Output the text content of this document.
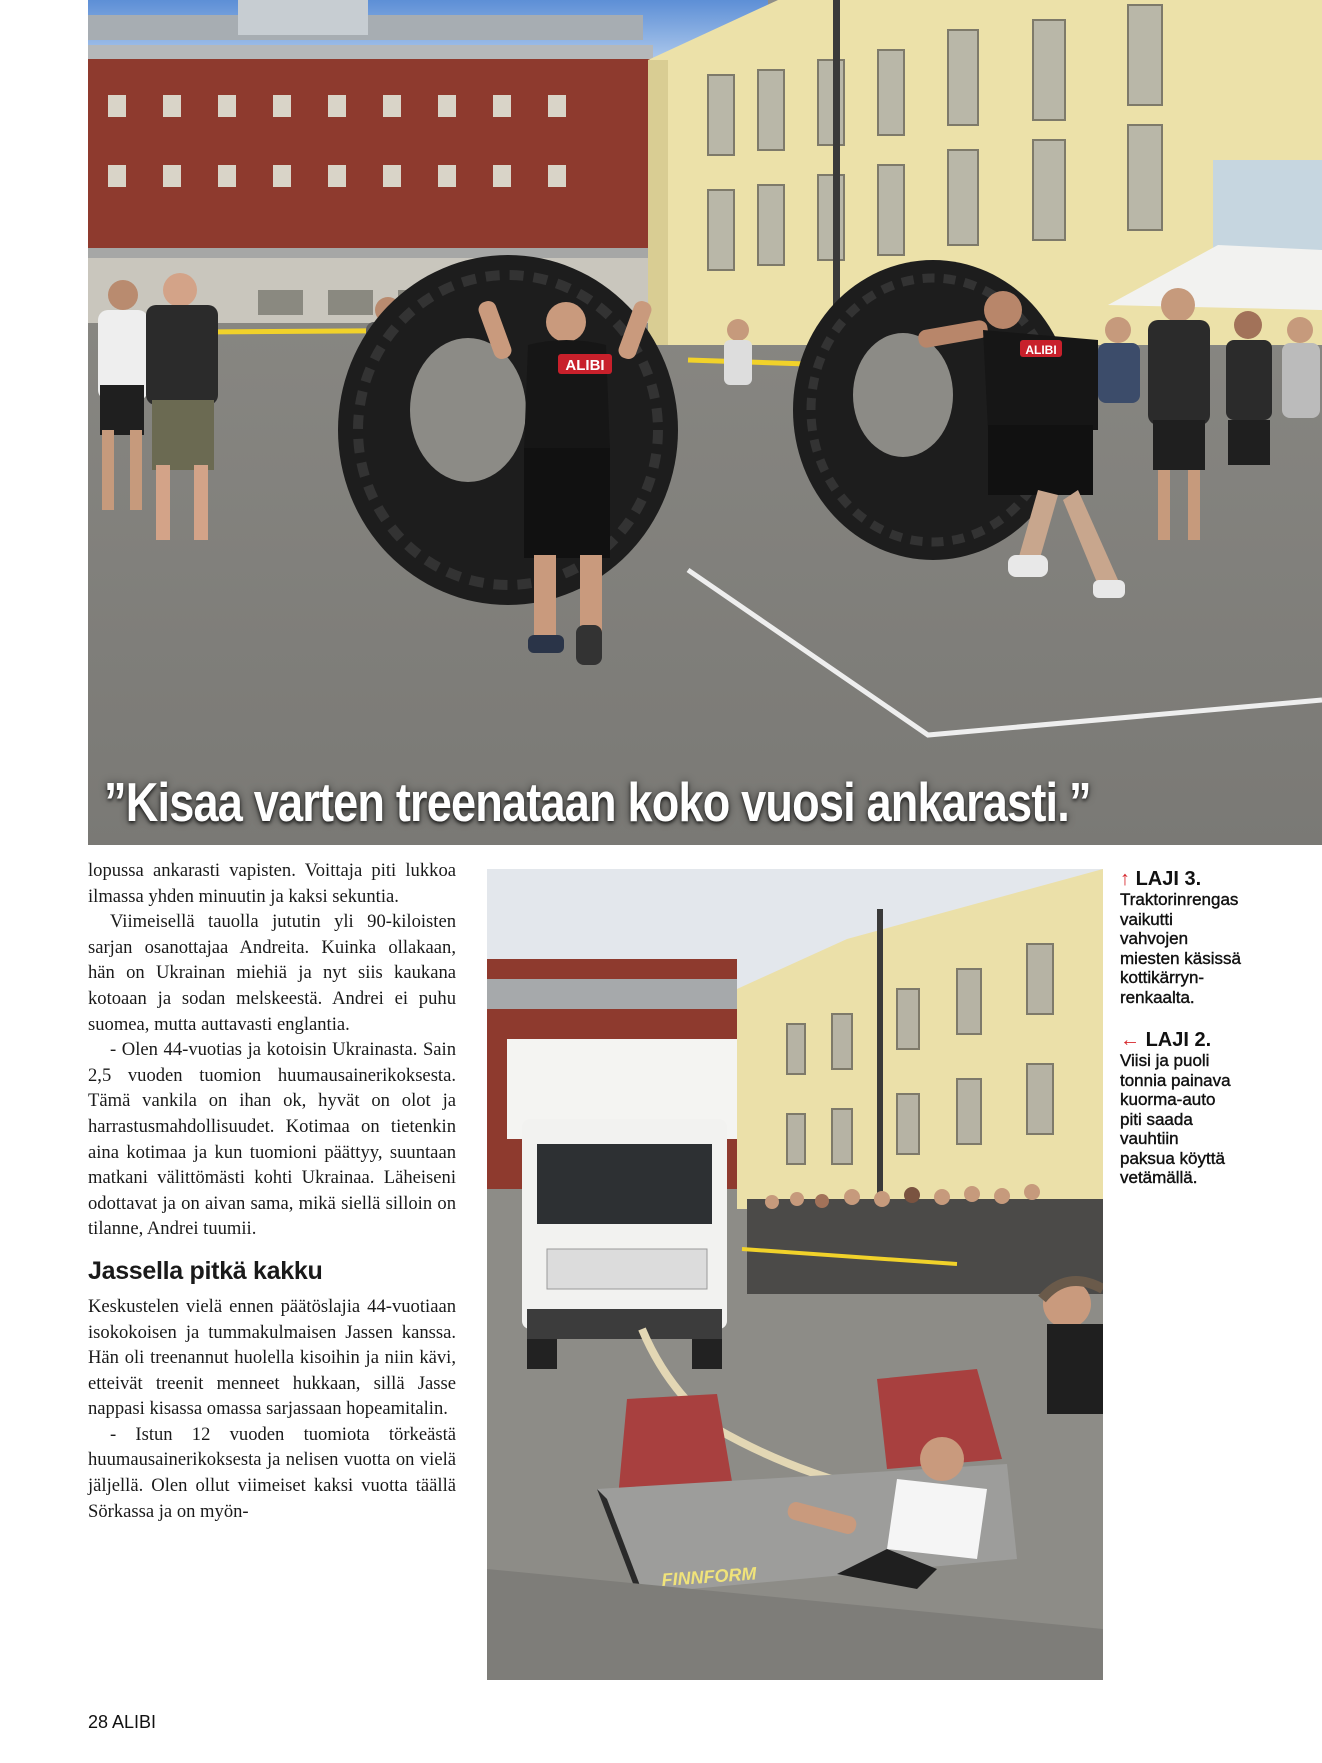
ALIBI
ALIBI
”Kisaa varten treenataan koko vuosi ankarasti.”

lopussa ankarasti vapisten. Voittaja piti lukkoa ilmassa yhden minuutin ja kaksi sekuntia.

Viimeisellä tauolla jututin yli 90-kiloisten sarjan osanottajaa Andreita. Kuinka ollakaan, hän on Ukrainan miehiä ja nyt siis kaukana kotoaan ja sodan melskeestä. Andrei ei puhu suomea, mutta auttavasti englantia.

- Olen 44-vuotias ja kotoisin Ukrainasta. Sain 2,5 vuoden tuomion huumausainerikoksesta. Tämä vankila on ihan ok, hyvät on olot ja harrastusmahdollisuudet. Kotimaa on tietenkin aina kotimaa ja kun tuomioni päättyy, suuntaan matkani välittömästi kohti Ukrainaa. Läheiseni odottavat ja on aivan sama, mikä siellä silloin on tilanne, Andrei tuumii.

Jassella pitkä kakku

Keskustelen vielä ennen päätöslajia 44-vuotiaan isokokoisen ja tummakulmaisen Jassen kanssa. Hän oli treenannut huolella kisoihin ja niin kävi, etteivät treenit menneet hukkaan, sillä Jasse nappasi kisassa omassa sarjassaan hopeamitalin.

- Istun 12 vuoden tuomiota törkeästä huumausainerikoksesta ja nelisen vuotta on vielä jäljellä. Olen ollut viimeiset kaksi vuotta täällä Sörkassa ja on myön-

FINNFORM
↑ LAJI 3.
Traktorinrengas
vaikutti
vahvojen
miesten käsissä
kottikärryn-
renkaalta.
← LAJI 2.
Viisi ja puoli
tonnia painava
kuorma-auto
piti saada
vauhtiin
paksua köyttä
vetämällä.
28 ALIBI
